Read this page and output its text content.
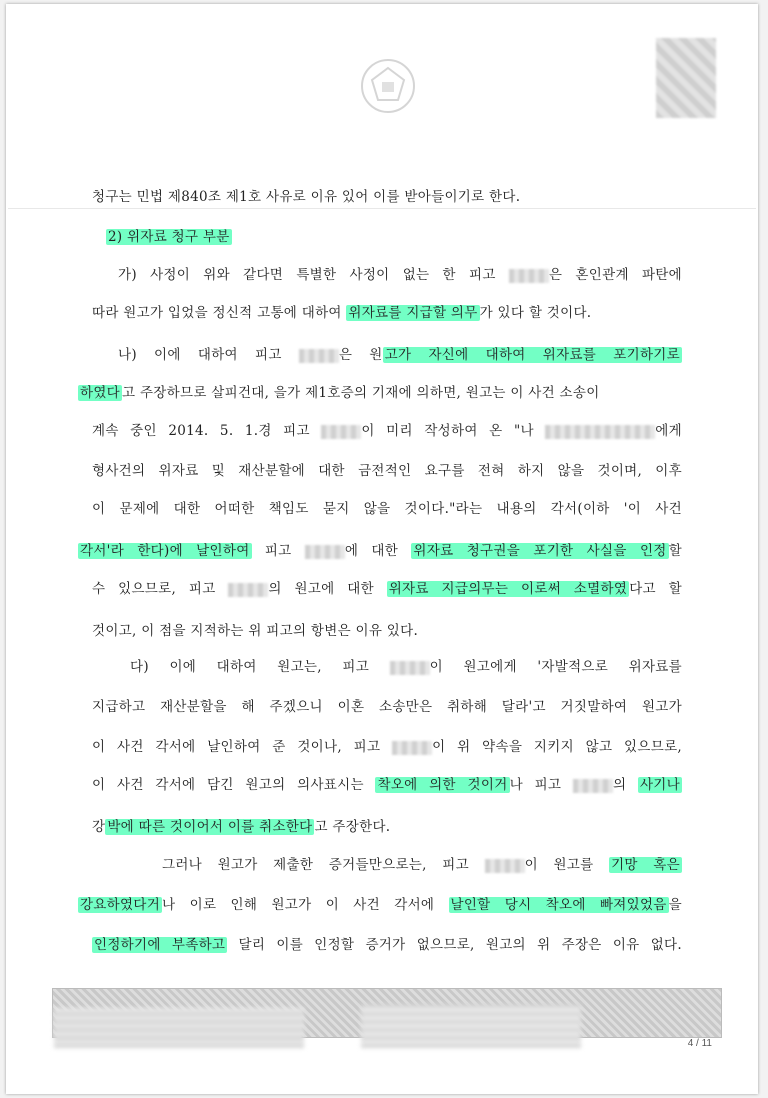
청구는 민법 제840조 제1호 사유로 이유 있어 이를 받아들이기로 한다.
2) 위자료 청구 부분
가) 사정이 위와 같다면 특별한 사정이 없는 한 피고	은 혼인관계 파탄에
따라 원고가 입었을 정신적 고통에 대하여 위자료를 지급할 의무 가 있다 할 것이다.
나) 이에 대하여 피고	은 원 고가 자신에 대하여 위자료를 포기하기로
하였다 고 주장하므로 살피건대, 을가 제1호증의 기재에 의하면, 원고는 이 사건 소송이
계속 중인 2014. 5. 1.경 피고	이 미리 작성하여 온 "나	에게
형사건의 위자료 및 재산분할에 대한 금전적인 요구를 전혀 하지 않을 것이며, 이후
이 문제에 대한 어떠한 책임도 묻지 않을 것이다."라는 내용의 각서(이하 '이 사건
각서'라 한다)에 날인하여 피고	에 대한 위자료 청구권을 포기한 사실을 인정 할
수 있으므로, 피고	의 원고에 대한 위자료 지급의무는 이로써 소멸하였 다고 할
것이고, 이 점을 지적하는 위 피고의 항변은 이유 있다.
다) 이에 대하여 원고는, 피고	이 원고에게 '자발적으로 위자료를
지급하고 재산분할을 해 주겠으니 이혼 소송만은 취하해 달라'고 거짓말하여 원고가
이 사건 각서에 날인하여 준 것이나, 피고	이 위 약속을 지키지 않고 있으므로,
이 사건 각서에 담긴 원고의 의사표시는 착오에 의한 것이거 나 피고	의 사기나
강 박에 따른 것이어서 이를 취소한다 고 주장한다.
그러나 원고가 제출한 증거들만으로는, 피고	이 원고를 기망 혹은
강요하였다거 나 이로 인해 원고가 이 사건 각서에 날인할 당시 착오에 빠져있었음 을
인정하기에 부족하고 달리 이를 인정할 증거가 없으므로, 원고의 위 주장은 이유 없다.
4 / 11
